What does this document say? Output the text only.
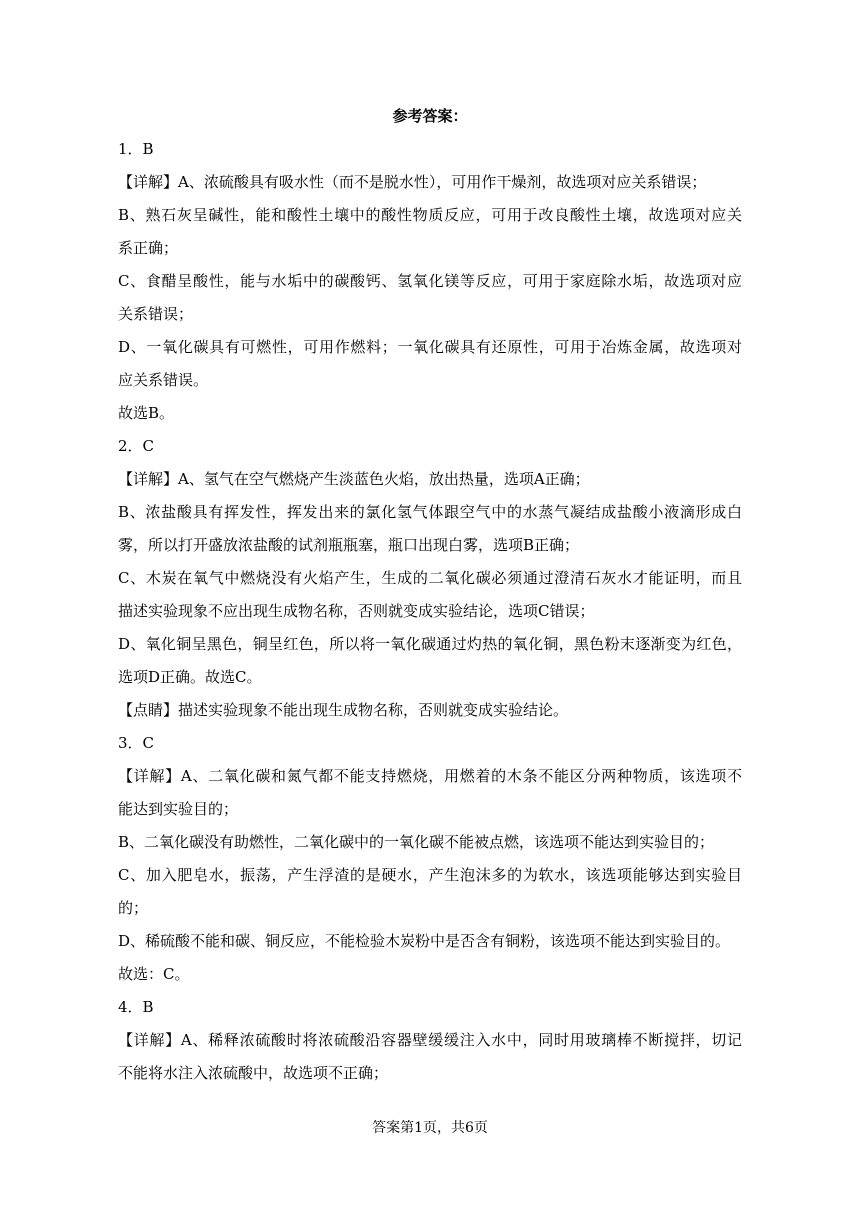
参考答案：
1．B
【详解】A、浓硫酸具有吸水性（而不是脱水性），可用作干燥剂，故选项对应关系错误；
B、熟石灰呈碱性，能和酸性土壤中的酸性物质反应，可用于改良酸性土壤，故选项对应关
系正确；
C、食醋呈酸性，能与水垢中的碳酸钙、氢氧化镁等反应，可用于家庭除水垢，故选项对应
关系错误；
D、一氧化碳具有可燃性，可用作燃料；一氧化碳具有还原性，可用于冶炼金属，故选项对
应关系错误。
故选B。
2．C
【详解】A、氢气在空气燃烧产生淡蓝色火焰，放出热量，选项A正确；
B、浓盐酸具有挥发性，挥发出来的氯化氢气体跟空气中的水蒸气凝结成盐酸小液滴形成白
雾，所以打开盛放浓盐酸的试剂瓶瓶塞，瓶口出现白雾，选项B正确；
C、木炭在氧气中燃烧没有火焰产生，生成的二氧化碳必须通过澄清石灰水才能证明，而且
描述实验现象不应出现生成物名称，否则就变成实验结论，选项C错误；
D、氧化铜呈黑色，铜呈红色，所以将一氧化碳通过灼热的氧化铜，黑色粉末逐渐变为红色，
选项D正确。故选C。
【点睛】描述实验现象不能出现生成物名称，否则就变成实验结论。
3．C
【详解】A、二氧化碳和氮气都不能支持燃烧，用燃着的木条不能区分两种物质，该选项不
能达到实验目的；
B、二氧化碳没有助燃性，二氧化碳中的一氧化碳不能被点燃，该选项不能达到实验目的；
C、加入肥皂水，振荡，产生浮渣的是硬水，产生泡沫多的为软水，该选项能够达到实验目
的；
D、稀硫酸不能和碳、铜反应，不能检验木炭粉中是否含有铜粉，该选项不能达到实验目的。
故选：C。
4．B
【详解】A、稀释浓硫酸时将浓硫酸沿容器壁缓缓注入水中，同时用玻璃棒不断搅拌，切记
不能将水注入浓硫酸中，故选项不正确；
答案第1页，共6页
